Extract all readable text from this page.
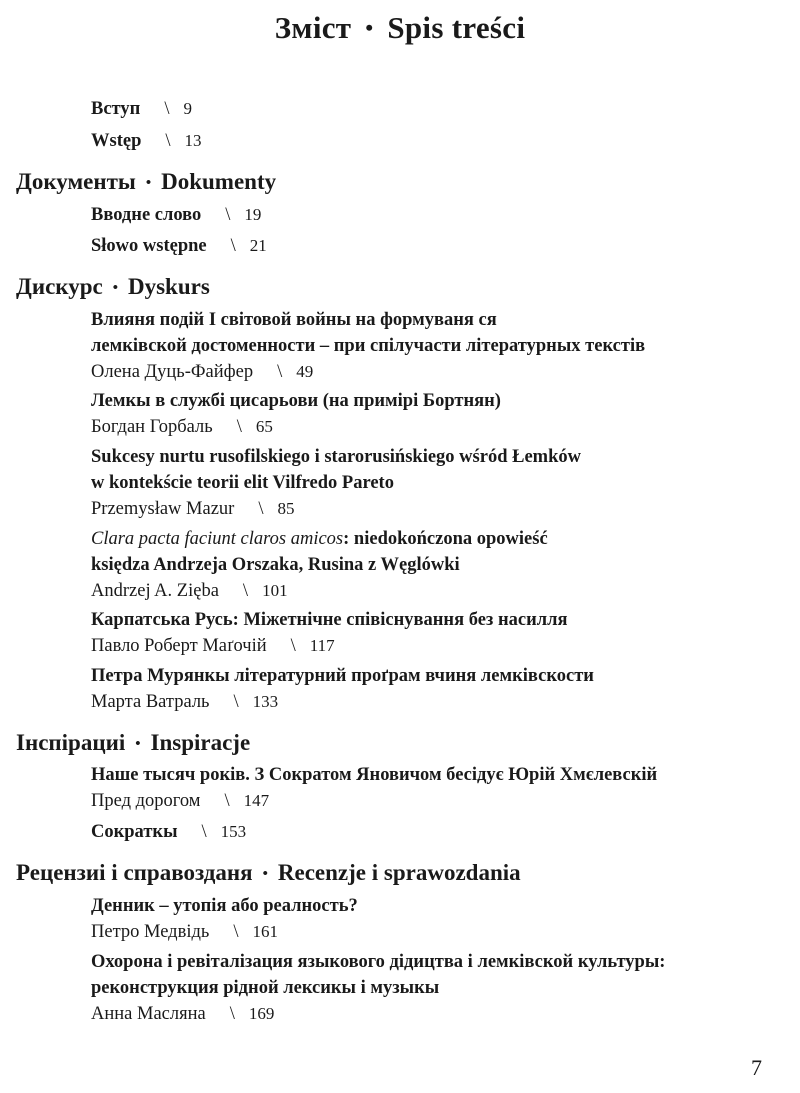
Зміст • Spis treści
Вступ \ 9
Wstęp \ 13
Документы • Dokumenty
Вводне слово \ 19
Słowo wstępne \ 21
Дискурс • Dyskurs
Влияня подій I світовой войны на формуваня ся
лемківской достоменности – при спілучасти літературных текстів
Олена Дуць-Файфер \ 49
Лемкы в службі цисарьови (на примірі Бортнян)
Богдан Горбаль \ 65
Sukcesy nurtu rusofilskiego i starorusińskiego wśród Łemków
w kontekście teorii elit Vilfredo Pareto
Przemysław Mazur \ 85
Clara pacta faciunt claros amicos: niedokończona opowieść
księdza Andrzeja Orszaka, Rusina z Węglówki
Andrzej A. Zięba \ 101
Карпатська Русь: Міжетнічне співіснування без насилля
Павло Роберт Маґочій \ 117
Петра Мурянкы літературний проґрам вчиня лемківскости
Марта Ватраль \ 133
Інспірациі • Inspiracje
Наше тысяч років. З Сократом Яновичом бесідує Юрій Хмєлевскій
Пред дорогом \ 147
Сократкы \ 153
Рецензиі і справозданя • Recenzje i sprawozdania
Денник – утопія або реалность?
Петро Медвідь \ 161
Охорона і ревіталізация языкового дідицтва і лемківской культуры:
реконструкция рідной лексикы і музыкы
Анна Масляна \ 169
7
